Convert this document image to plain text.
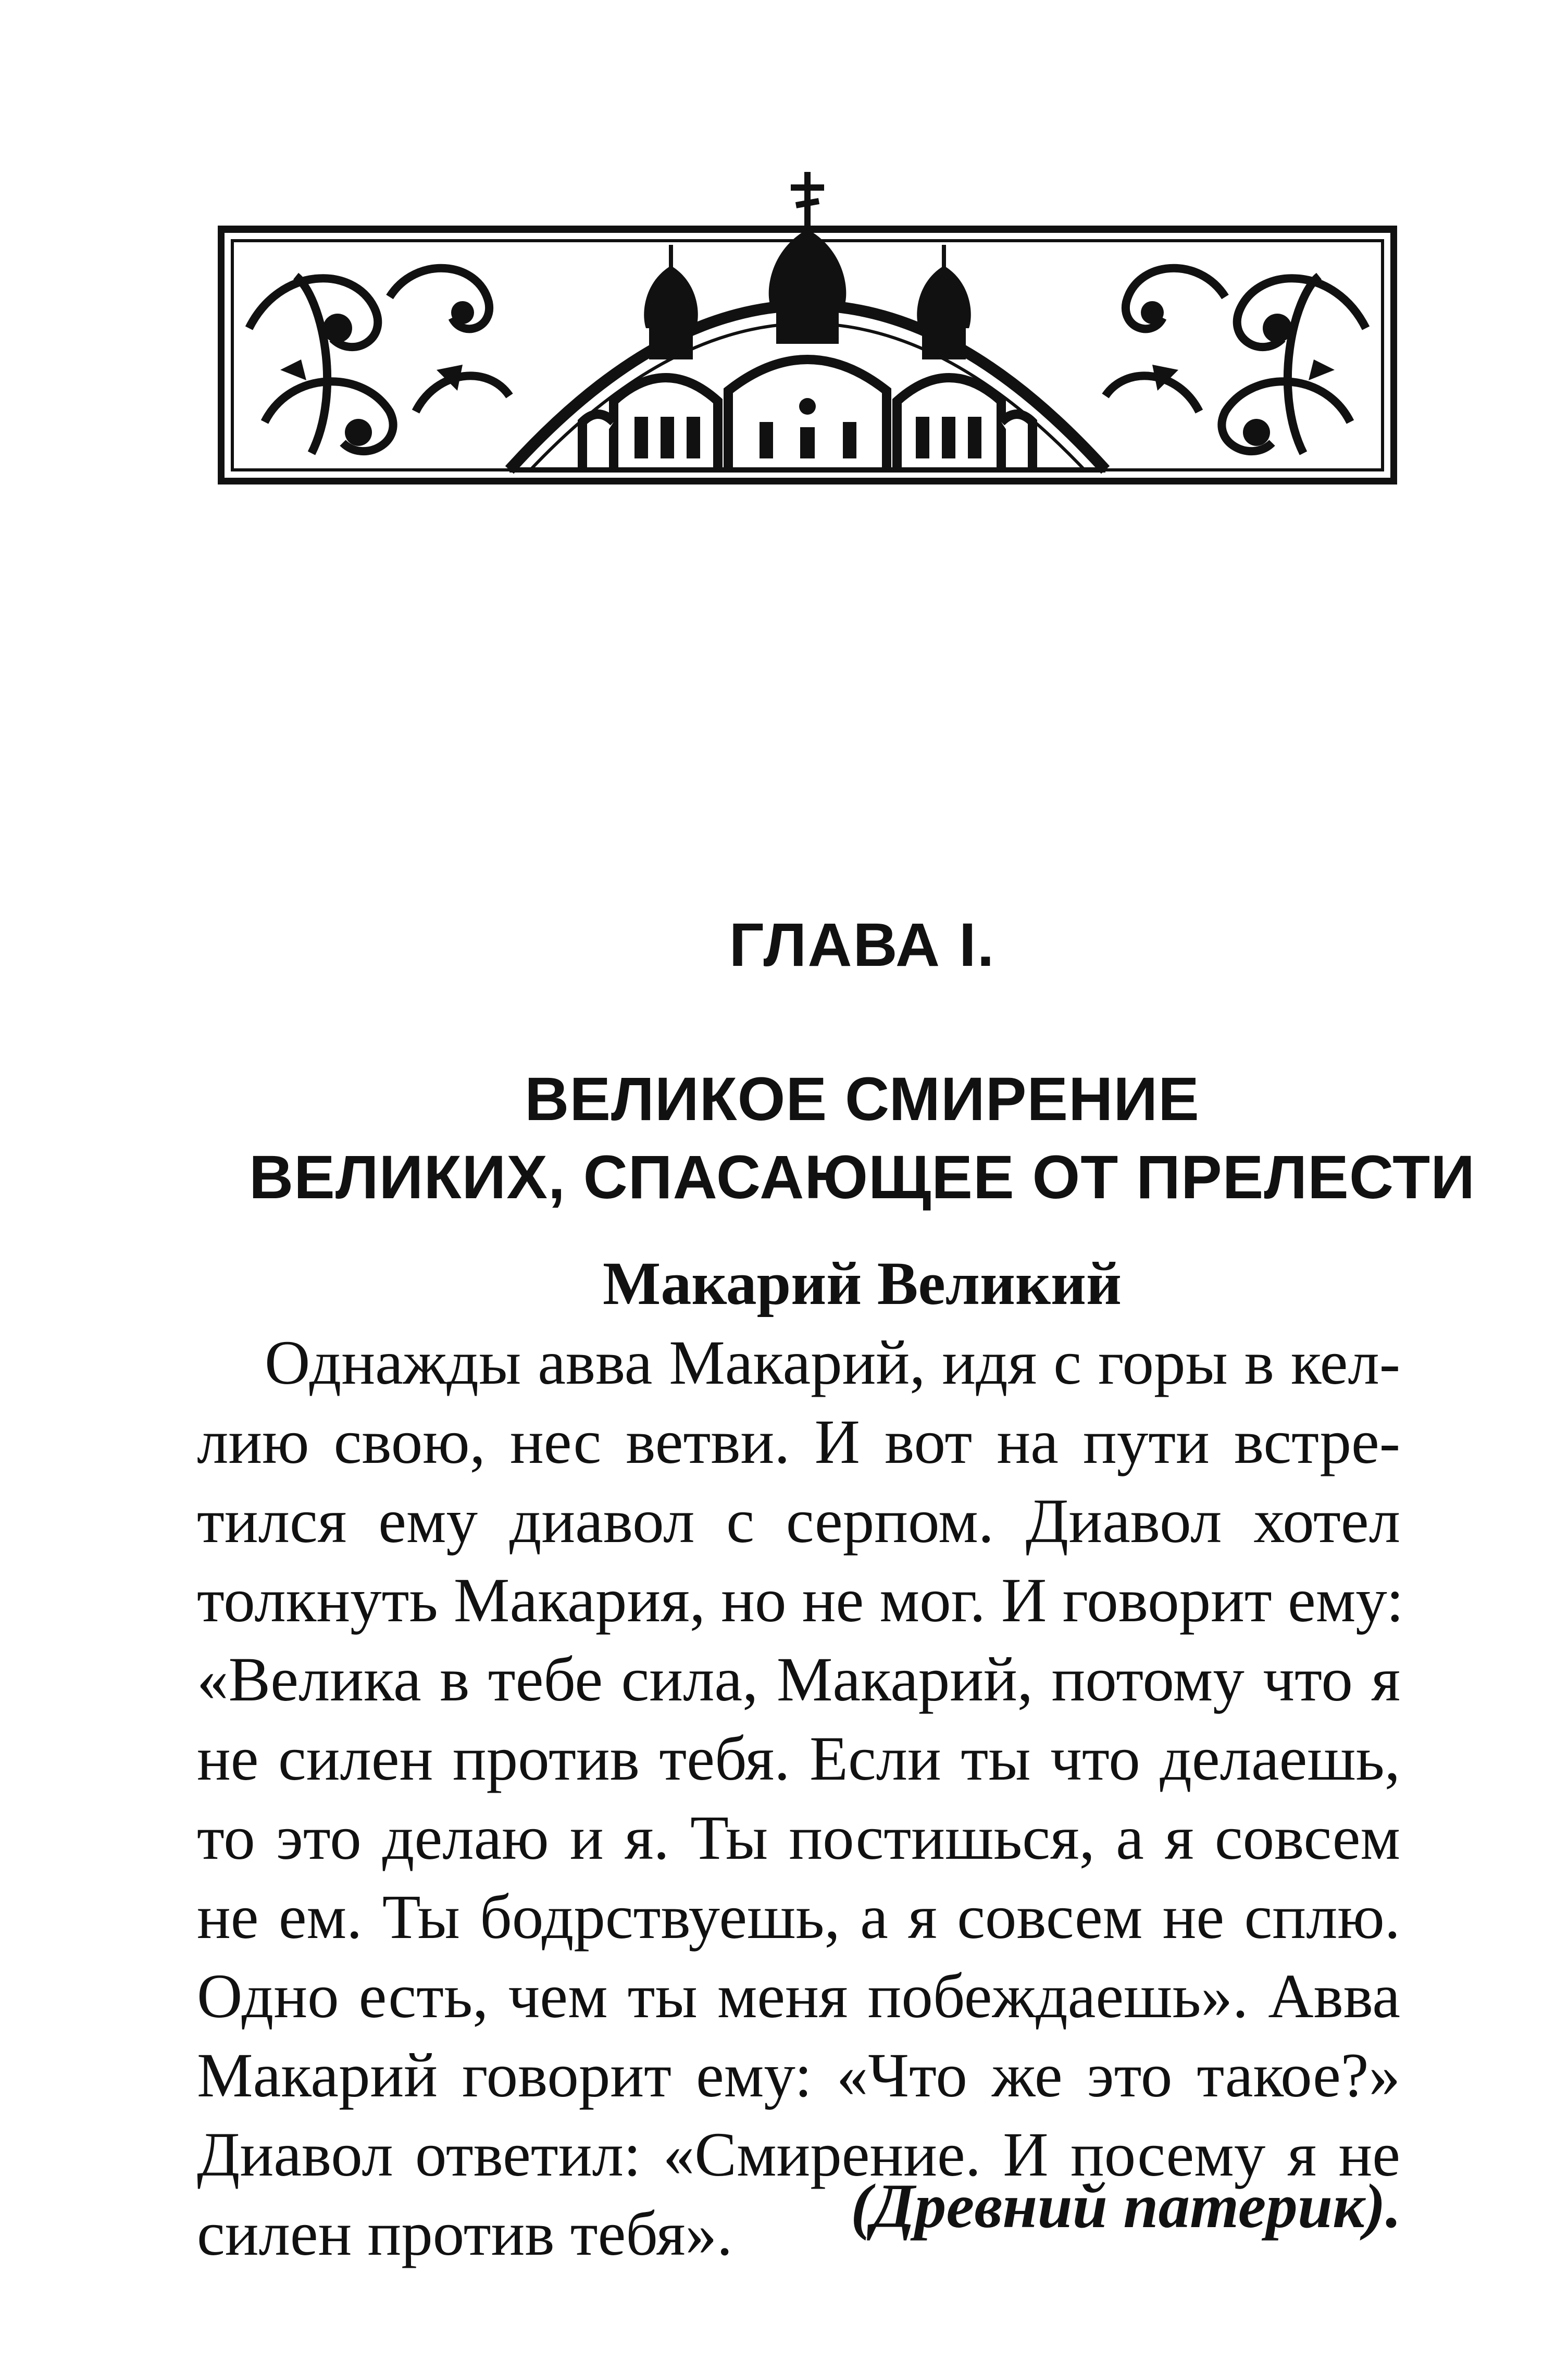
ГЛАВА I.
ВЕЛИКОЕ СМИРЕНИЕ
ВЕЛИКИХ, СПАСАЮЩЕЕ ОТ ПРЕЛЕСТИ
Макарий Великий
Однажды авва Макарий, идя с горы в кел-
лию свою, нес ветви. И вот на пути встре-
тился ему диавол с серпом. Диавол хотел
толкнуть Макария, но не мог. И говорит ему:
«Велика в тебе сила, Макарий, потому что я
не силен против тебя. Если ты что делаешь,
то это делаю и я. Ты постишься, а я совсем
не ем. Ты бодрствуешь, а я совсем не сплю.
Одно есть, чем ты меня побеждаешь». Авва
Макарий говорит ему: «Что же это такое?»
Диавол ответил: «Смирение. И посему я не
силен против тебя».	(Древний патерик).
